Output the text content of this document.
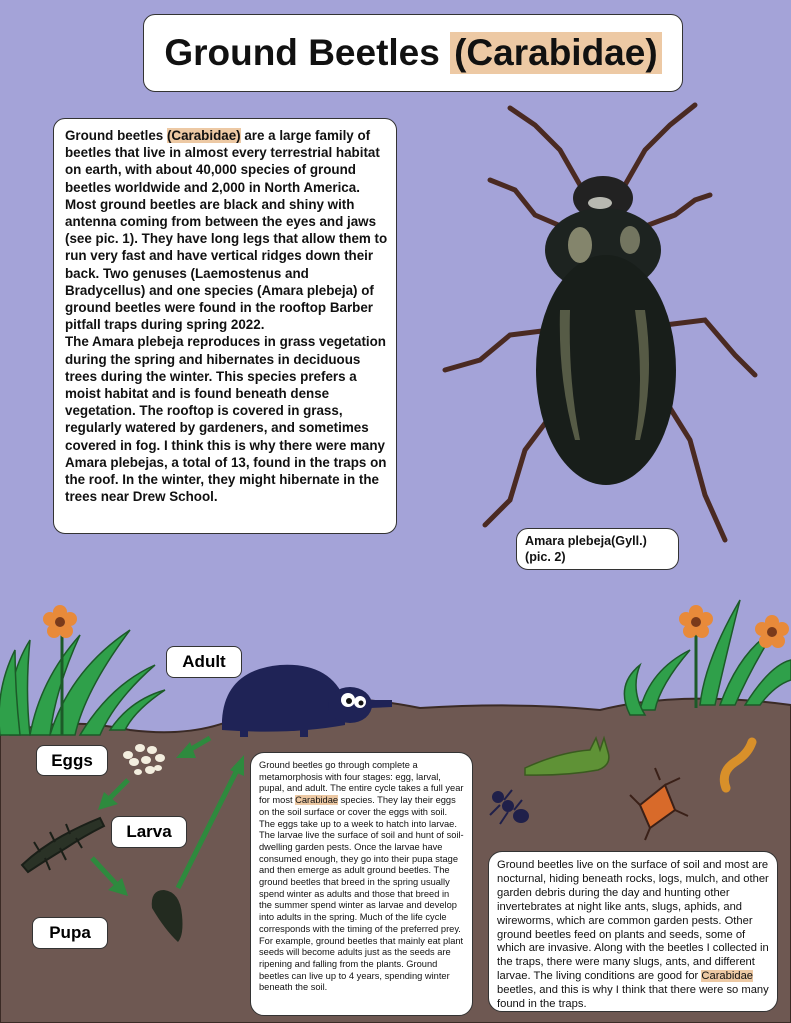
Ground Beetles
(Carabidae)

Ground beetles (Carabidae) are a large family of beetles that live in almost every terrestrial habitat on earth, with about 40,000 species of ground beetles worldwide and 2,000 in North America. Most ground beetles are black and shiny with antenna coming from between the eyes and jaws (see pic. 1). They have long legs that allow them to run very fast and have vertical ridges down their back. Two genuses (Laemostenus and Bradycellus) and one species (Amara plebeja) of ground beetles were found in the rooftop Barber pitfall traps during spring 2022.

The Amara plebeja reproduces in grass vegetation during the spring and hibernates in deciduous trees during the winter. This species prefers a moist habitat and is found beneath dense vegetation. The rooftop is covered in grass, regularly watered by gardeners, and sometimes covered in fog. I think this is why there were many Amara plebejas, a total of 13, found in the traps on the roof. In the winter, they might hibernate in the trees near Drew School.

Amara plebeja(Gyll.)
(pic. 2)
Adult
Eggs
Larva
Pupa

Ground beetles go through complete a metamorphosis with four stages: egg, larval, pupal, and adult. The entire cycle takes a full year for most Carabidae species. They lay their eggs on the soil surface or cover the eggs with soil. The eggs take up to a week to hatch into larvae. The larvae live the surface of soil and hunt of soil-dwelling garden pests. Once the larvae have consumed enough, they go into their pupa stage and then emerge as adult ground beetles. The ground beetles that breed in the spring usually spend winter as adults and those that breed in the summer spend winter as larvae and develop into adults in the spring. Much of the life cycle corresponds with the timing of the preferred prey. For example, ground beetles that mainly eat plant seeds will become adults just as the seeds are ripening and falling from the plants. Ground beetles can live up to 4 years, spending winter beneath the soil.

Ground beetles live on the surface of soil and most are nocturnal, hiding beneath rocks, logs, mulch, and other garden debris during the day and hunting other invertebrates at night like ants, slugs, aphids, and wireworms, which are common garden pests. Other ground beetles feed on plants and seeds, some of which are invasive. Along with the beetles I collected in the traps, there were many slugs, ants, and different larvae. The living conditions are good for Carabidae beetles, and this is why I think that there were so many found in the traps.
